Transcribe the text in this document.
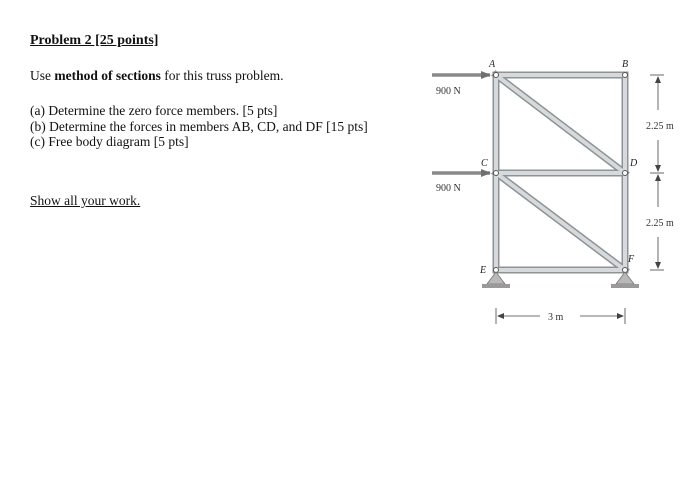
Problem 2 [25 points]
Use method of sections for this truss problem.
(a) Determine the zero force members. [5 pts]
(b) Determine the forces in members AB, CD, and DF [15 pts]
(c) Free body diagram [5 pts]
Show all your work.
900 N
900 N
A	B
C	D
E
F
2.25 m
2.25 m
3 m
